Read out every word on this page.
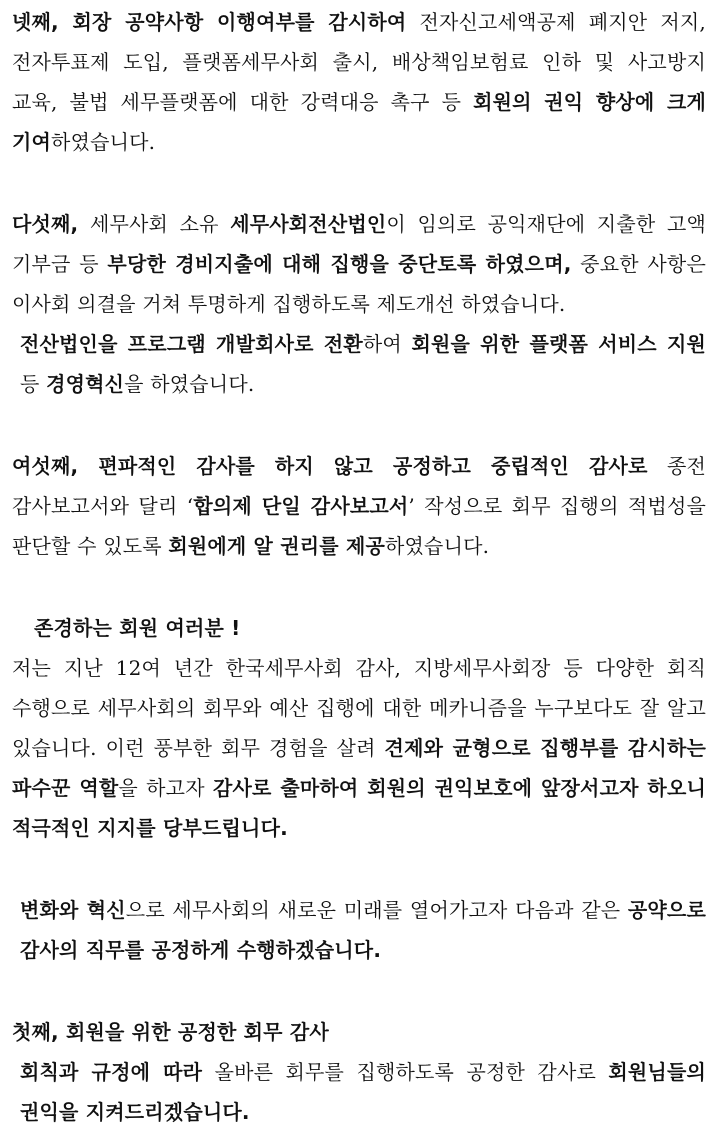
넷째, 회장 공약사항 이행여부를 감시하여 전자신고세액공제 폐지안 저지, 전자투표제 도입, 플랫폼세무사회 출시, 배상책임보험료 인하 및 사고방지 교육, 불법 세무플랫폼에 대한 강력대응 촉구 등 회원의 권익 향상에 크게 기여하였습니다.

다섯째, 세무사회 소유 세무사회전산법인이 임의로 공익재단에 지출한 고액 기부금 등 부당한 경비지출에 대해 집행을 중단토록 하였으며, 중요한 사항은 이사회 의결을 거쳐 투명하게 집행하도록 제도개선 하였습니다.

전산법인을 프로그램 개발회사로 전환하여 회원을 위한 플랫폼 서비스 지원 등 경영혁신을 하였습니다.

여섯째, 편파적인 감사를 하지 않고 공정하고 중립적인 감사로 종전 감사보고서와 달리 ‘합의제 단일 감사보고서’ 작성으로 회무 집행의 적법성을 판단할 수 있도록 회원에게 알 권리를 제공하였습니다.

존경하는 회원 여러분 !

저는 지난 12여 년간 한국세무사회 감사, 지방세무사회장 등 다양한 회직 수행으로 세무사회의 회무와 예산 집행에 대한 메카니즘을 누구보다도 잘 알고 있습니다. 이런 풍부한 회무 경험을 살려 견제와 균형으로 집행부를 감시하는 파수꾼 역할을 하고자 감사로 출마하여 회원의 권익보호에 앞장서고자 하오니 적극적인 지지를 당부드립니다.

변화와 혁신으로 세무사회의 새로운 미래를 열어가고자 다음과 같은 공약으로 감사의 직무를 공정하게 수행하겠습니다.

첫째, 회원을 위한 공정한 회무 감사

회칙과 규정에 따라 올바른 회무를 집행하도록 공정한 감사로 회원님들의 권익을 지켜드리겠습니다.
